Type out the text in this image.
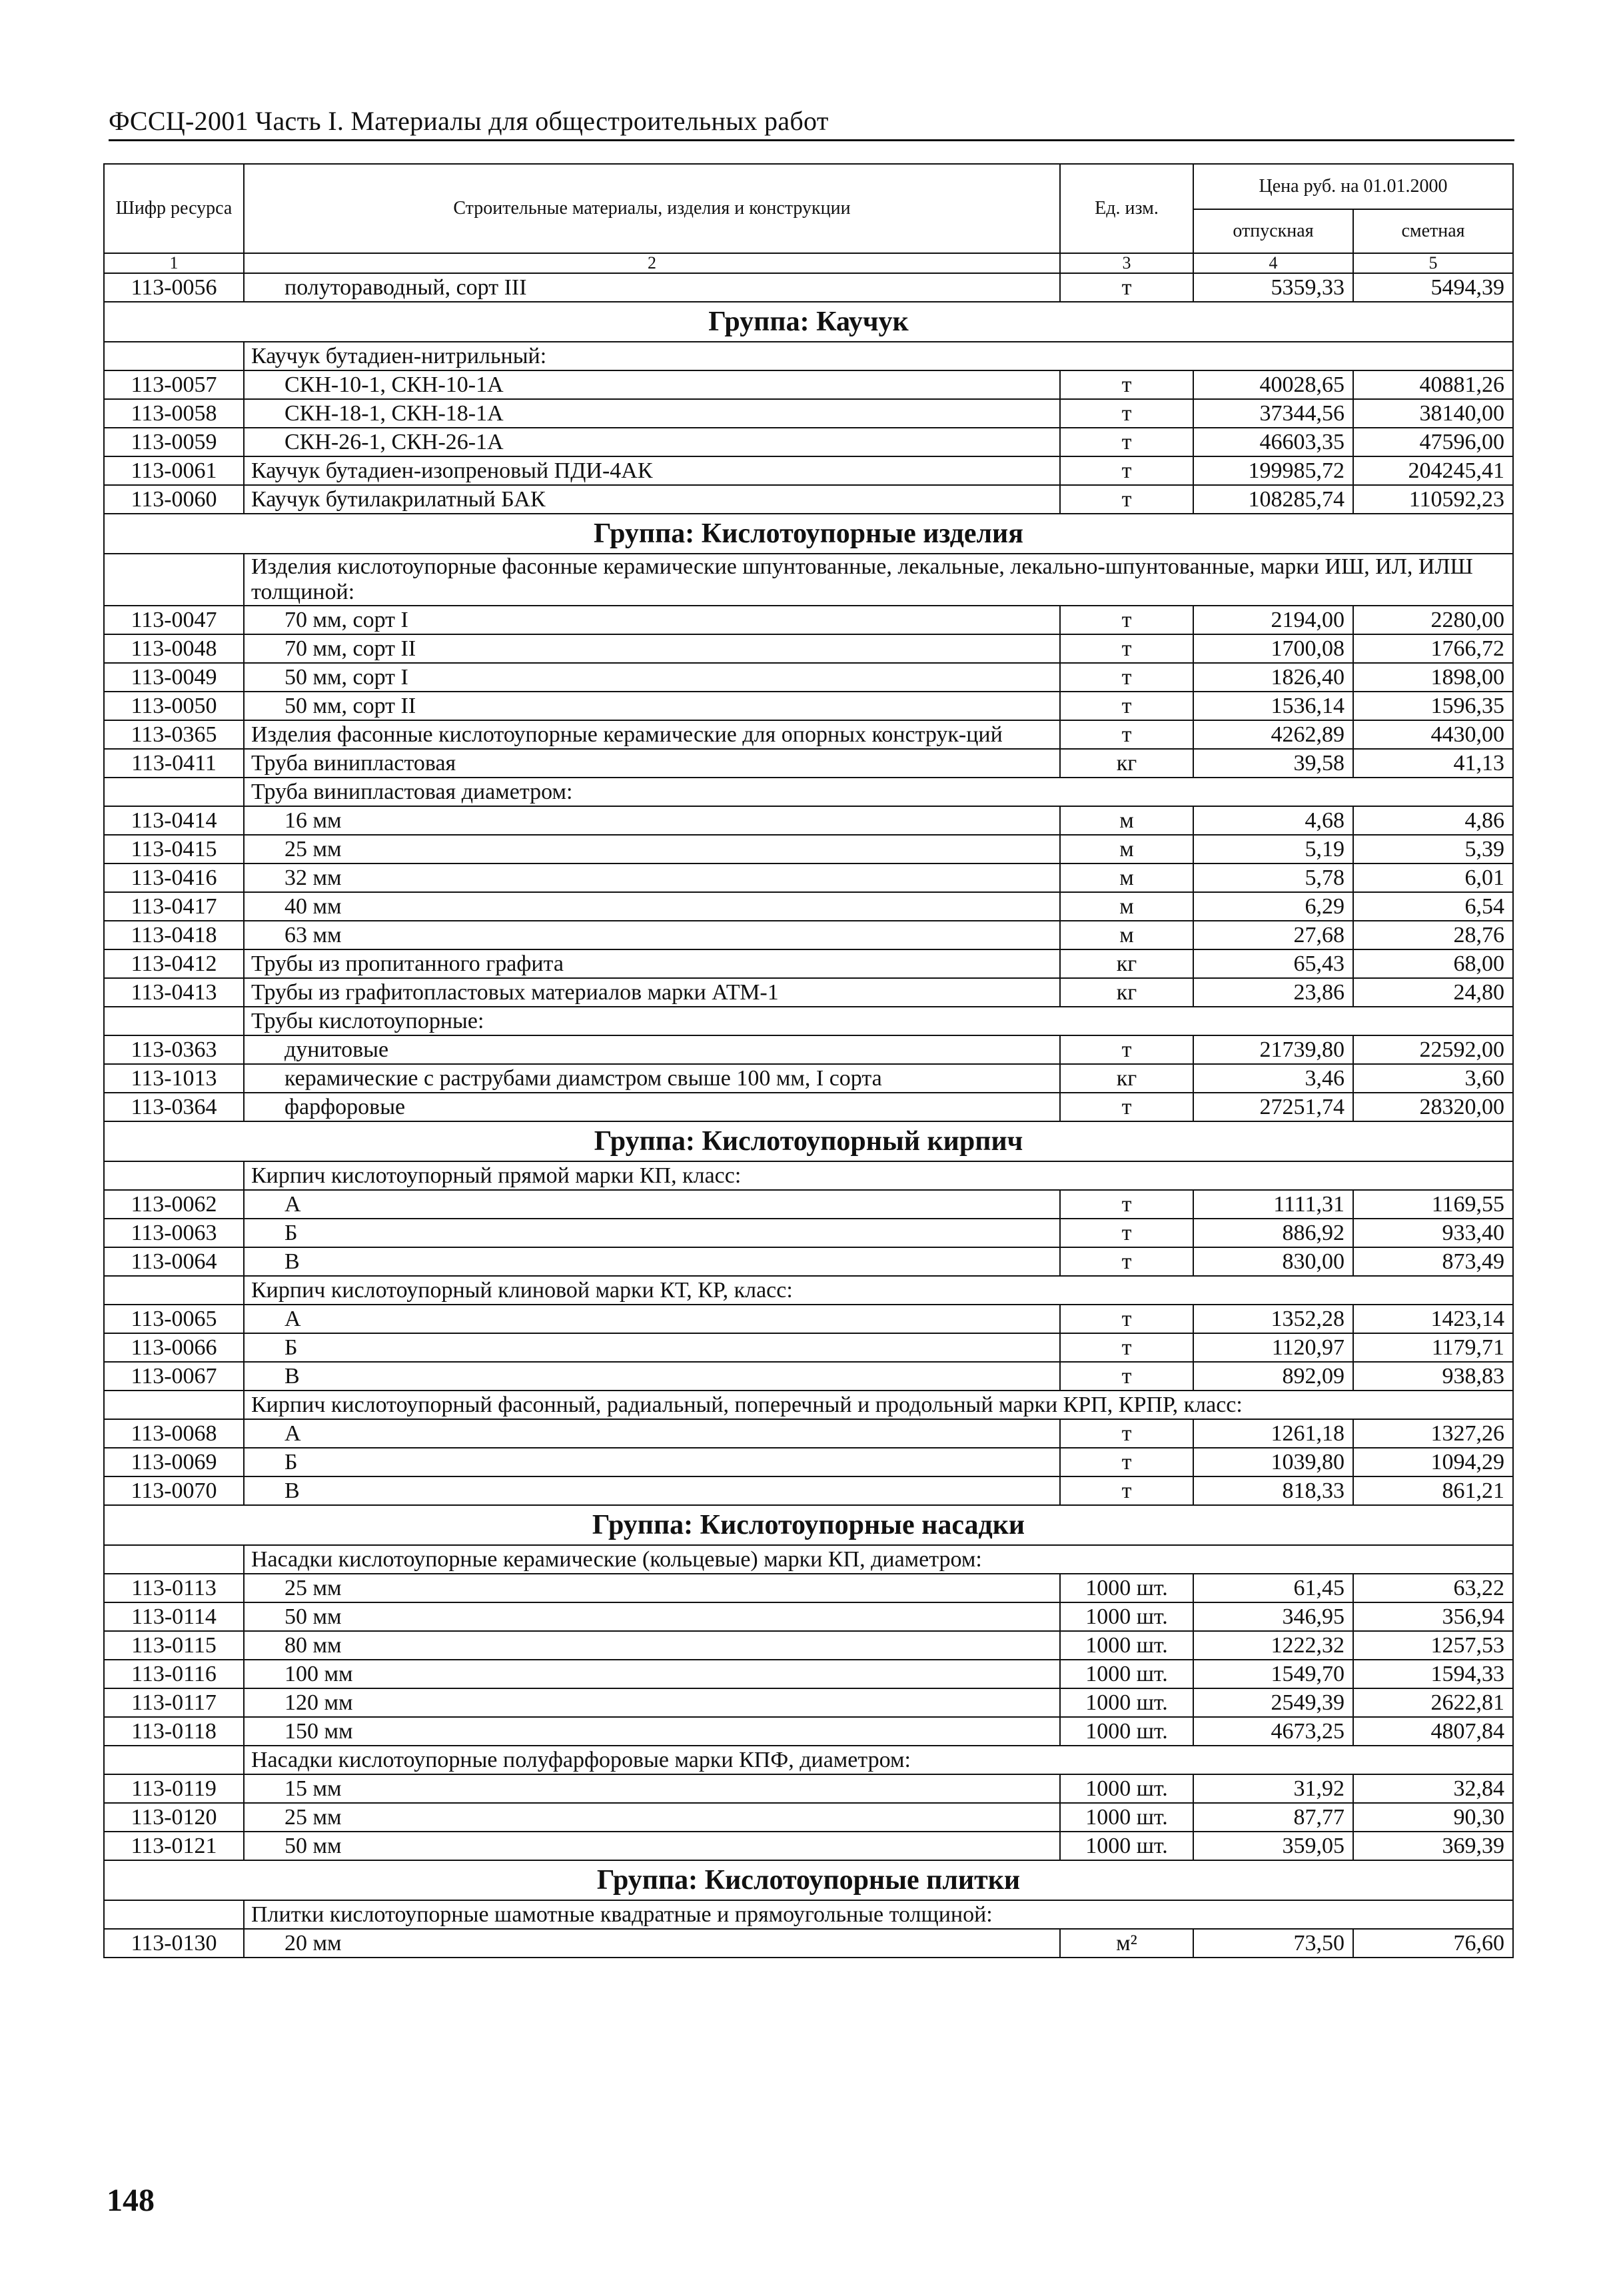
ФССЦ-2001 Часть I. Материалы для общестроительных работ
Шифр ресурса	Строительные материалы, изделия и конструкции	Ед. изм.	Цена руб. на 01.01.2000	
			отпускная	сметная
1	2	3	4	5
113-0056	полутораводный, сорт III	т	5359,33	5494,39
Группа: Каучук				
	Каучук бутадиен-нитрильный:			
113-0057	СКН-10-1, СКН-10-1А	т	40028,65	40881,26
113-0058	СКН-18-1, СКН-18-1А	т	37344,56	38140,00
113-0059	СКН-26-1, СКН-26-1А	т	46603,35	47596,00
113-0061	Каучук бутадиен-изопреновый ПДИ-4АК	т	199985,72	204245,41
113-0060	Каучук бутилакрилатный БАК	т	108285,74	110592,23
Группа: Кислотоупорные изделия				
	Изделия кислотоупорные фасонные керамические шпунтованные, лекальные, лекально-шпунтованные, марки ИШ, ИЛ, ИЛШ толщиной:			
113-0047	70 мм, сорт I	т	2194,00	2280,00
113-0048	70 мм, сорт II	т	1700,08	1766,72
113-0049	50 мм, сорт I	т	1826,40	1898,00
113-0050	50 мм, сорт II	т	1536,14	1596,35
113-0365	Изделия фасонные кислотоупорные керамические для опорных конструк-ций	т	4262,89	4430,00
113-0411	Труба винипластовая	кг	39,58	41,13
	Труба винипластовая диаметром:			
113-0414	16 мм	м	4,68	4,86
113-0415	25 мм	м	5,19	5,39
113-0416	32 мм	м	5,78	6,01
113-0417	40 мм	м	6,29	6,54
113-0418	63 мм	м	27,68	28,76
113-0412	Трубы из пропитанного графита	кг	65,43	68,00
113-0413	Трубы из графитопластовых материалов марки АТМ-1	кг	23,86	24,80
	Трубы кислотоупорные:			
113-0363	дунитовые	т	21739,80	22592,00
113-1013	керамические с раструбами диамстром свыше 100 мм, I сорта	кг	3,46	3,60
113-0364	фарфоровые	т	27251,74	28320,00
Группа: Кислотоупорный кирпич				
	Кирпич кислотоупорный прямой марки КП, класс:			
113-0062	А	т	1111,31	1169,55
113-0063	Б	т	886,92	933,40
113-0064	В	т	830,00	873,49
	Кирпич кислотоупорный клиновой марки КТ, КР, класс:			
113-0065	А	т	1352,28	1423,14
113-0066	Б	т	1120,97	1179,71
113-0067	В	т	892,09	938,83
	Кирпич кислотоупорный фасонный, радиальный, поперечный и продольный марки КРП, КРПР, класс:			
113-0068	А	т	1261,18	1327,26
113-0069	Б	т	1039,80	1094,29
113-0070	В	т	818,33	861,21
Группа: Кислотоупорные насадки				
	Насадки кислотоупорные керамические (кольцевые) марки КП, диаметром:			
113-0113	25 мм	1000 шт.	61,45	63,22
113-0114	50 мм	1000 шт.	346,95	356,94
113-0115	80 мм	1000 шт.	1222,32	1257,53
113-0116	100 мм	1000 шт.	1549,70	1594,33
113-0117	120 мм	1000 шт.	2549,39	2622,81
113-0118	150 мм	1000 шт.	4673,25	4807,84
	Насадки кислотоупорные полуфарфоровые марки КПФ, диаметром:			
113-0119	15 мм	1000 шт.	31,92	32,84
113-0120	25 мм	1000 шт.	87,77	90,30
113-0121	50 мм	1000 шт.	359,05	369,39
Группа: Кислотоупорные плитки				
	Плитки кислотоупорные шамотные квадратные и прямоугольные толщиной:			
113-0130	20 мм	м²	73,50	76,60
148
